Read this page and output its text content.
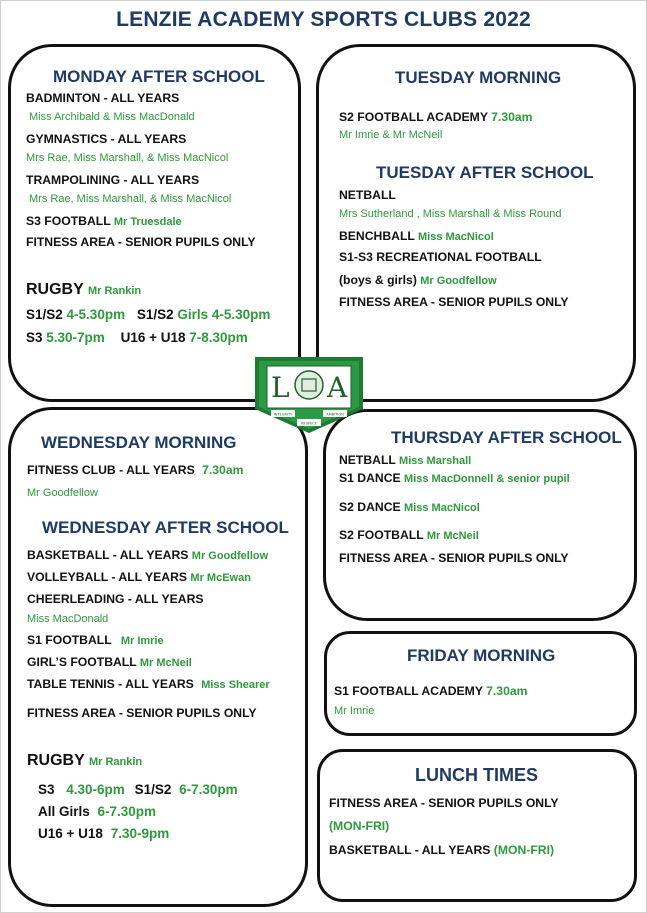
LENZIE ACADEMY SPORTS CLUBS 2022
MONDAY AFTER SCHOOL
BADMINTON - ALL YEARS
Miss Archibald & Miss MacDonald
GYMNASTICS - ALL YEARS
Mrs Rae, Miss Marshall, & Miss MacNicol
TRAMPOLINING - ALL YEARS
Mrs Rae, Miss Marshall, & Miss MacNicol
S3 FOOTBALL Mr Truesdale
FITNESS AREA - SENIOR PUPILS ONLY
RUGBY Mr Rankin
S1/S2 4-5.30pm S1/S2 Girls 4-5.30pm
S3 5.30-7pm U16 + U18 7-8.30pm
TUESDAY MORNING
S2 FOOTBALL ACADEMY 7.30am
Mr Imrie & Mr McNeil
TUESDAY AFTER SCHOOL
NETBALL
Mrs Sutherland , Miss Marshall & Miss Round
BENCHBALL Miss MacNicol
S1-S3 RECREATIONAL FOOTBALL
(boys & girls) Mr Goodfellow
FITNESS AREA - SENIOR PUPILS ONLY
WEDNESDAY MORNING
FITNESS CLUB - ALL YEARS 7.30am
Mr Goodfellow
WEDNESDAY AFTER SCHOOL
BASKETBALL - ALL YEARS Mr Goodfellow
VOLLEYBALL - ALL YEARS Mr McEwan
CHEERLEADING - ALL YEARS
Miss MacDonald
S1 FOOTBALL Mr Imrie
GIRL’S FOOTBALL Mr McNeil
TABLE TENNIS - ALL YEARS Miss Shearer
FITNESS AREA - SENIOR PUPILS ONLY
RUGBY Mr Rankin
S3 4.30-6pm S1/S2 6-7.30pm
All Girls 6-7.30pm
U16 + U18 7.30-9pm
THURSDAY AFTER SCHOOL
NETBALL Miss Marshall
S1 DANCE Miss MacDonnell & senior pupil
S2 DANCE Miss MacNicol
S2 FOOTBALL Mr McNeil
FITNESS AREA - SENIOR PUPILS ONLY
FRIDAY MORNING
S1 FOOTBALL ACADEMY 7.30am
Mr Imrie
LUNCH TIMES
FITNESS AREA - SENIOR PUPILS ONLY
(MON-FRI)
BASKETBALL - ALL YEARS (MON-FRI)
L A
INTEGRITY	AMBITION
RESPECT
